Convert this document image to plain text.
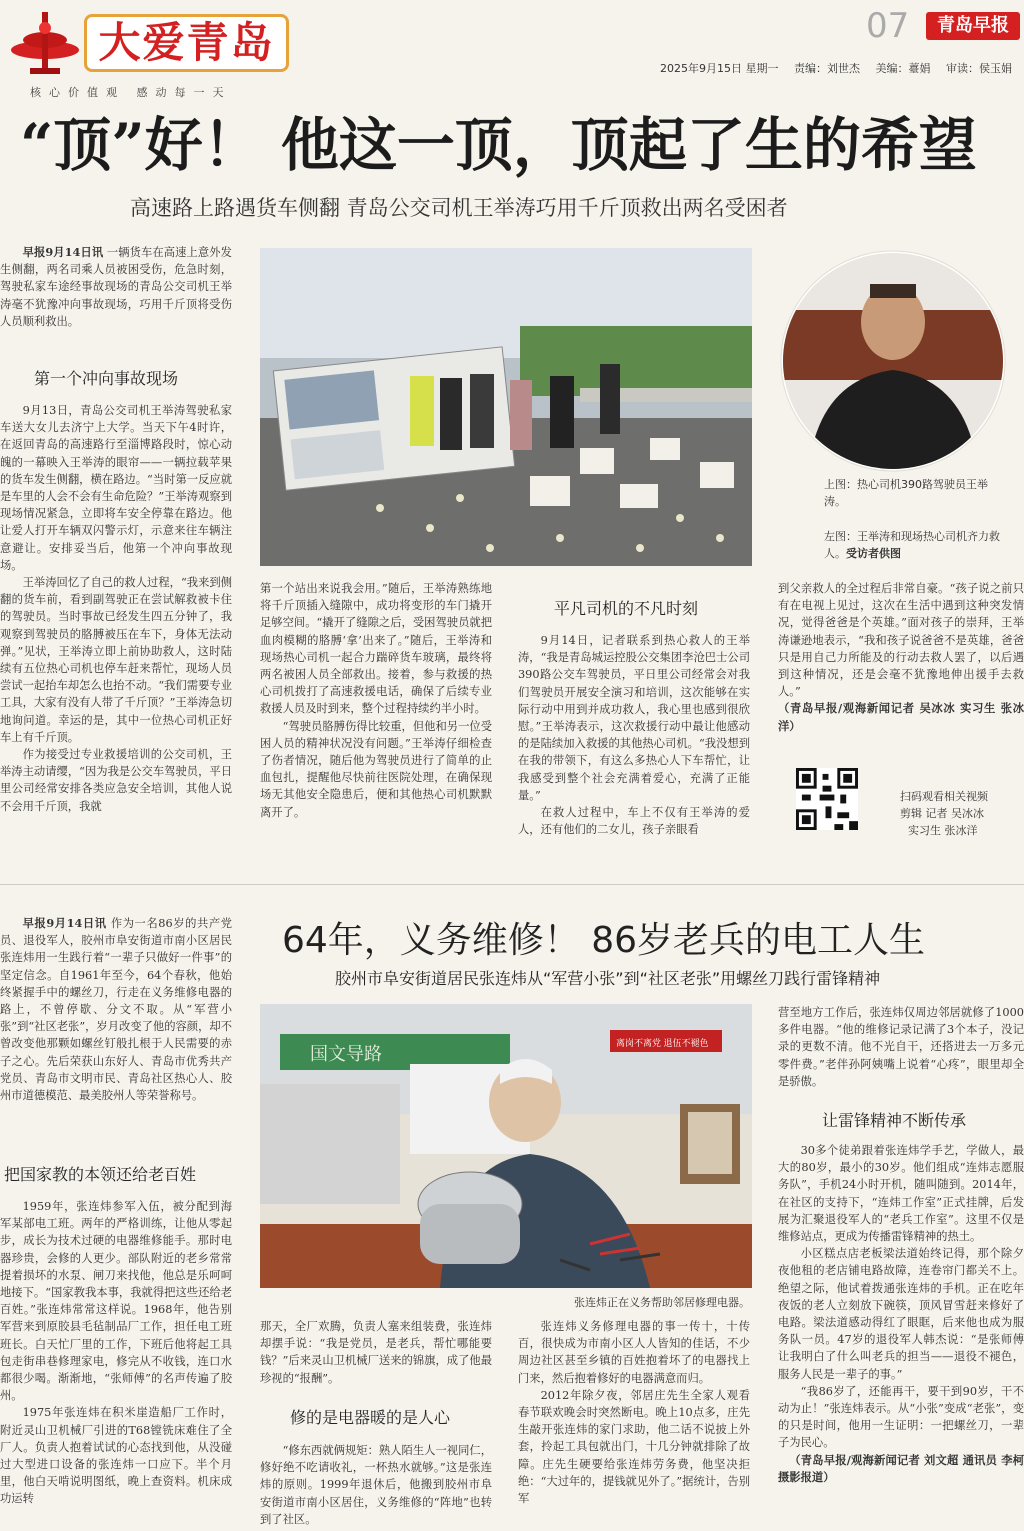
大爱青岛
核心价值观 感动每一天
07	青岛早报
2025年9月15日 星期一 责编：刘世杰 美编：薹娟 审读：侯玉娟
“顶”好！ 他这一顶，顶起了生的希望
高速路上路遇货车侧翻 青岛公交司机王举涛巧用千斤顶救出两名受困者

早报9月14日讯 一辆货车在高速上意外发生侧翻，两名司乘人员被困受伤，危急时刻，驾驶私家车途经事故现场的青岛公交司机王举涛毫不犹豫冲向事故现场，巧用千斤顶将受伤人员顺利救出。

第一个冲向事故现场

9月13日，青岛公交司机王举涛驾驶私家车送大女儿去济宁上大学。当天下午4时许，在返回青岛的高速路行至淄博路段时，惊心动魄的一幕映入王举涛的眼帘——一辆拉载苹果的货车发生侧翻，横在路边。“当时第一反应就是车里的人会不会有生命危险？”王举涛观察到现场情况紧急，立即将车安全停靠在路边。他让爱人打开车辆双闪警示灯，示意来往车辆注意避让。安排妥当后，他第一个冲向事故现场。

王举涛回忆了自己的救人过程，“我来到侧翻的货车前，看到副驾驶正在尝试解救被卡住的驾驶员。当时事故已经发生四五分钟了，我观察到驾驶员的胳膊被压在车下，身体无法动弹。”见状，王举涛立即上前协助救人，这时陆续有五位热心司机也停车赶来帮忙，现场人员尝试一起抬车却怎么也抬不动。“我们需要专业工具，大家有没有人带了千斤顶？”王举涛急切地询问道。幸运的是，其中一位热心司机正好车上有千斤顶。

作为接受过专业救援培训的公交司机，王举涛主动请缨，“因为我是公交车驾驶员，平日里公司经常安排各类应急安全培训，其他人说不会用千斤顶，我就

上图：热心司机390路驾驶员王举涛。
左图：王举涛和现场热心司机齐力救人。受访者供图

第一个站出来说我会用。”随后，王举涛熟练地将千斤顶插入缝隙中，成功将变形的车门撬开足够空间。“撬开了缝隙之后，受困驾驶员就把血肉模糊的胳膊‘拿’出来了。”随后，王举涛和现场热心司机一起合力踹碎货车玻璃，最终将两名被困人员全部救出。接着，参与救援的热心司机拨打了高速救援电话，确保了后续专业救援人员及时到来，整个过程持续约半小时。

“驾驶员胳膊伤得比较重，但他和另一位受困人员的精神状况没有问题。”王举涛仔细检查了伤者情况，随后他为驾驶员进行了简单的止血包扎，提醒他尽快前往医院处理，在确保现场无其他安全隐患后，便和其他热心司机默默离开了。

平凡司机的不凡时刻

9月14日，记者联系到热心救人的王举涛，“我是青岛城运控股公交集团李沧巴士公司390路公交车驾驶员，平日里公司经常会对我们驾驶员开展安全演习和培训，这次能够在实际行动中用到并成功救人，我心里也感到很欣慰。”王举涛表示，这次救援行动中最让他感动的是陆续加入救援的其他热心司机。“我没想到在我的带领下，有这么多热心人下车帮忙，让我感受到整个社会充满着爱心，充满了正能量。”

在救人过程中，车上不仅有王举涛的爱人，还有他们的二女儿，孩子亲眼看

到父亲救人的全过程后非常自豪。“孩子说之前只有在电视上见过，这次在生活中遇到这种突发情况，觉得爸爸是个英雄。”面对孩子的崇拜，王举涛谦逊地表示，“我和孩子说爸爸不是英雄，爸爸只是用自己力所能及的行动去救人罢了，以后遇到这种情况，还是会毫不犹豫地伸出援手去救人。”

（青岛早报/观海新闻记者 吴冰冰 实习生 张冰洋）

扫码观看相关视频
剪辑 记者 吴冰冰
实习生 张冰洋
64年，义务维修！ 86岁老兵的电工人生
胶州市阜安街道居民张连炜从“军营小张”到“社区老张”用螺丝刀践行雷锋精神

早报9月14日讯 作为一名86岁的共产党员、退役军人，胶州市阜安街道市南小区居民张连炜用一生践行着“一辈子只做好一件事”的坚定信念。自1961年至今，64个春秋，他始终紧握手中的螺丝刀，行走在义务维修电器的路上，不曾停歇、分文不取。从“军营小张”到“社区老张”，岁月改变了他的容颜，却不曾改变他那颗如螺丝钉般扎根于人民需要的赤子之心。先后荣获山东好人、青岛市优秀共产党员、青岛市文明市民、青岛社区热心人、胶州市道德模范、最美胶州人等荣誉称号。

把国家教的本领还给老百姓

1959年，张连炜参军入伍，被分配到海军某部电工班。两年的严格训练，让他从零起步，成长为技术过硬的电器维修能手。那时电器珍贵，会修的人更少。部队附近的老乡常常提着损坏的水泵、闸刀来找他，他总是乐呵呵地接下。“国家教我本事，我就得把这些还给老百姓。”张连炜常常这样说。1968年，他告别军营来到原胶县毛毡制品厂工作，担任电工班班长。白天忙厂里的工作，下班后他将起工具包走街串巷修理家电，修完从不收钱，连口水都很少喝。渐渐地，“张师傅”的名声传遍了胶州。

1975年张连炜在积米崖造船厂工作时，附近灵山卫机械厂引进的T68镗铣床难住了全厂人。负责人抱着试试的心态找到他，从没碰过大型进口设备的张连炜一口应下。半个月里，他白天啃说明图纸，晚上查资料。机床成功运转

国文导路
离岗不离党 退伍不褪色
张连炜正在义务帮助邻居修理电器。

那天，全厂欢腾，负责人塞来组装费，张连炜却摆手说：“我是党员，是老兵，帮忙哪能要钱？”后来灵山卫机械厂送来的锦旗，成了他最珍视的“报酬”。

修的是电器暖的是人心

“修东西就俩规矩：熟人陌生人一视同仁，修好绝不吃请收礼，一杯热水就够。”这是张连炜的原则。1999年退休后，他搬到胶州市阜安街道市南小区居住，义务维修的“阵地”也转到了社区。

张连炜义务修理电器的事一传十，十传百，很快成为市南小区人人皆知的佳话，不少周边社区甚至乡镇的百姓抱着坏了的电器找上门来，然后抱着修好的电器满意而归。

2012年除夕夜，邻居庄先生全家人观看春节联欢晚会时突然断电。晚上10点多，庄先生敲开张连炜的家门求助，他二话不说披上外套，拎起工具包就出门，十几分钟就排除了故障。庄先生硬要给张连炜劳务费，他坚决拒绝：“大过年的，提钱就见外了。”据统计，告别军

营至地方工作后，张连炜仅周边邻居就修了1000多件电器。“他的维修记录记满了3个本子，没记录的更数不清。他不光自干，还搭进去一万多元零件费。”老伴孙阿姨嘴上说着“心疼”，眼里却全是骄傲。

让雷锋精神不断传承

30多个徒弟跟着张连炜学手艺，学做人，最大的80岁，最小的30岁。他们组成“连炜志愿服务队”，手机24小时开机，随叫随到。2014年，在社区的支持下，“连炜工作室”正式挂牌，后发展为汇聚退役军人的“老兵工作室”。这里不仅是维修站点，更成为传播雷锋精神的热土。

小区糕点店老板梁法道始终记得，那个除夕夜他租的老店铺电路故障，连卷帘门都关不上。绝望之际，他试着拨通张连炜的手机。正在吃年夜饭的老人立刻放下碗筷，顶风冒雪赶来修好了电路。梁法道感动得红了眼眶，后来他也成为服务队一员。47岁的退役军人韩杰说：“是张师傅让我明白了什么叫老兵的担当——退役不褪色，服务人民是一辈子的事。”

“我86岁了，还能再干，要干到90岁，干不动为止！”张连炜表示。从“小张”变成“老张”，变的只是时间，他用一生证明：一把螺丝刀，一辈子为民心。

（青岛早报/观海新闻记者 刘文超 通讯员 李柯 摄影报道）
